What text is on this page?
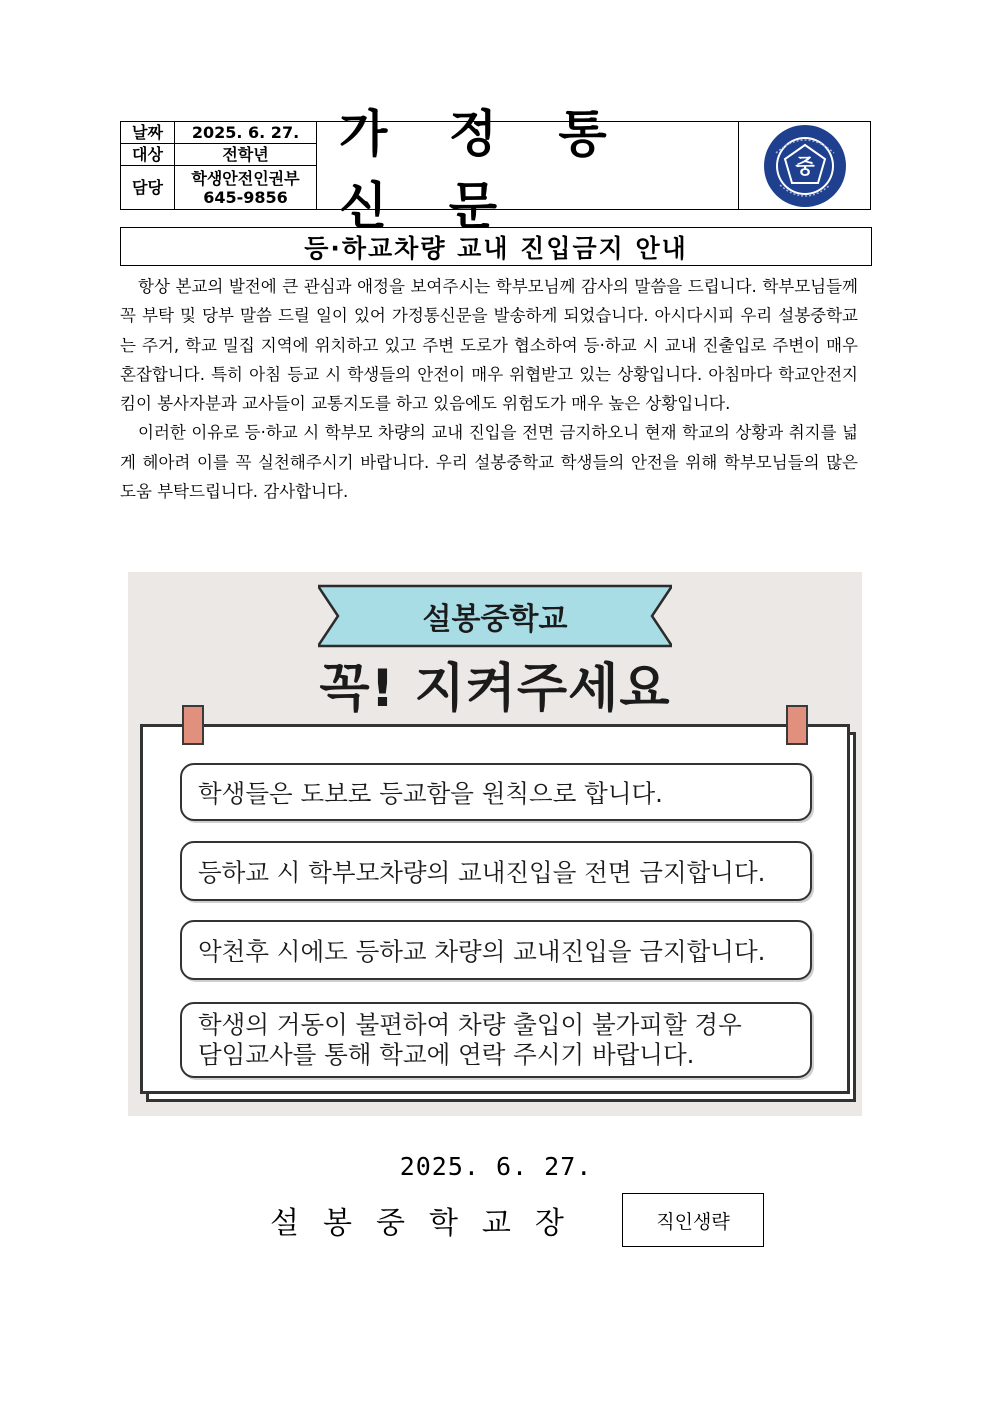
날짜	2025. 6. 27.
대상	전학년
담당	학생안전인권부
645-9856
가 정 통 신 문
중
등·하교차량 교내 진입금지 안내

항상 본교의 발전에 큰 관심과 애정을 보여주시는 학부모님께 감사의 말씀을 드립니다. 학부모님들께 꼭 부탁 및 당부 말씀 드릴 일이 있어 가정통신문을 발송하게 되었습니다. 아시다시피 우리 설봉중학교는 주거, 학교 밀집 지역에 위치하고 있고 주변 도로가 협소하여 등·하교 시 교내 진출입로 주변이 매우 혼잡합니다. 특히 아침 등교 시 학생들의 안전이 매우 위협받고 있는 상황입니다. 아침마다 학교안전지킴이 봉사자분과 교사들이 교통지도를 하고 있음에도 위험도가 매우 높은 상황입니다.

이러한 이유로 등·하교 시 학부모 차량의 교내 진입을 전면 금지하오니 현재 학교의 상황과 취지를 넓게 헤아려 이를 꼭 실천해주시기 바랍니다. 우리 설봉중학교 학생들의 안전을 위해 학부모님들의 많은 도움 부탁드립니다. 감사합니다.

설봉중학교
꼭! 지켜주세요
학생들은 도보로 등교함을 원칙으로 합니다.
등하교 시 학부모차량의 교내진입을 전면 금지합니다.
악천후 시에도 등하교 차량의 교내진입을 금지합니다.
학생의 거동이 불편하여 차량 출입이 불가피할 경우
담임교사를 통해 학교에 연락 주시기 바랍니다.
2025. 6. 27.
설봉중학교장	직인생략
